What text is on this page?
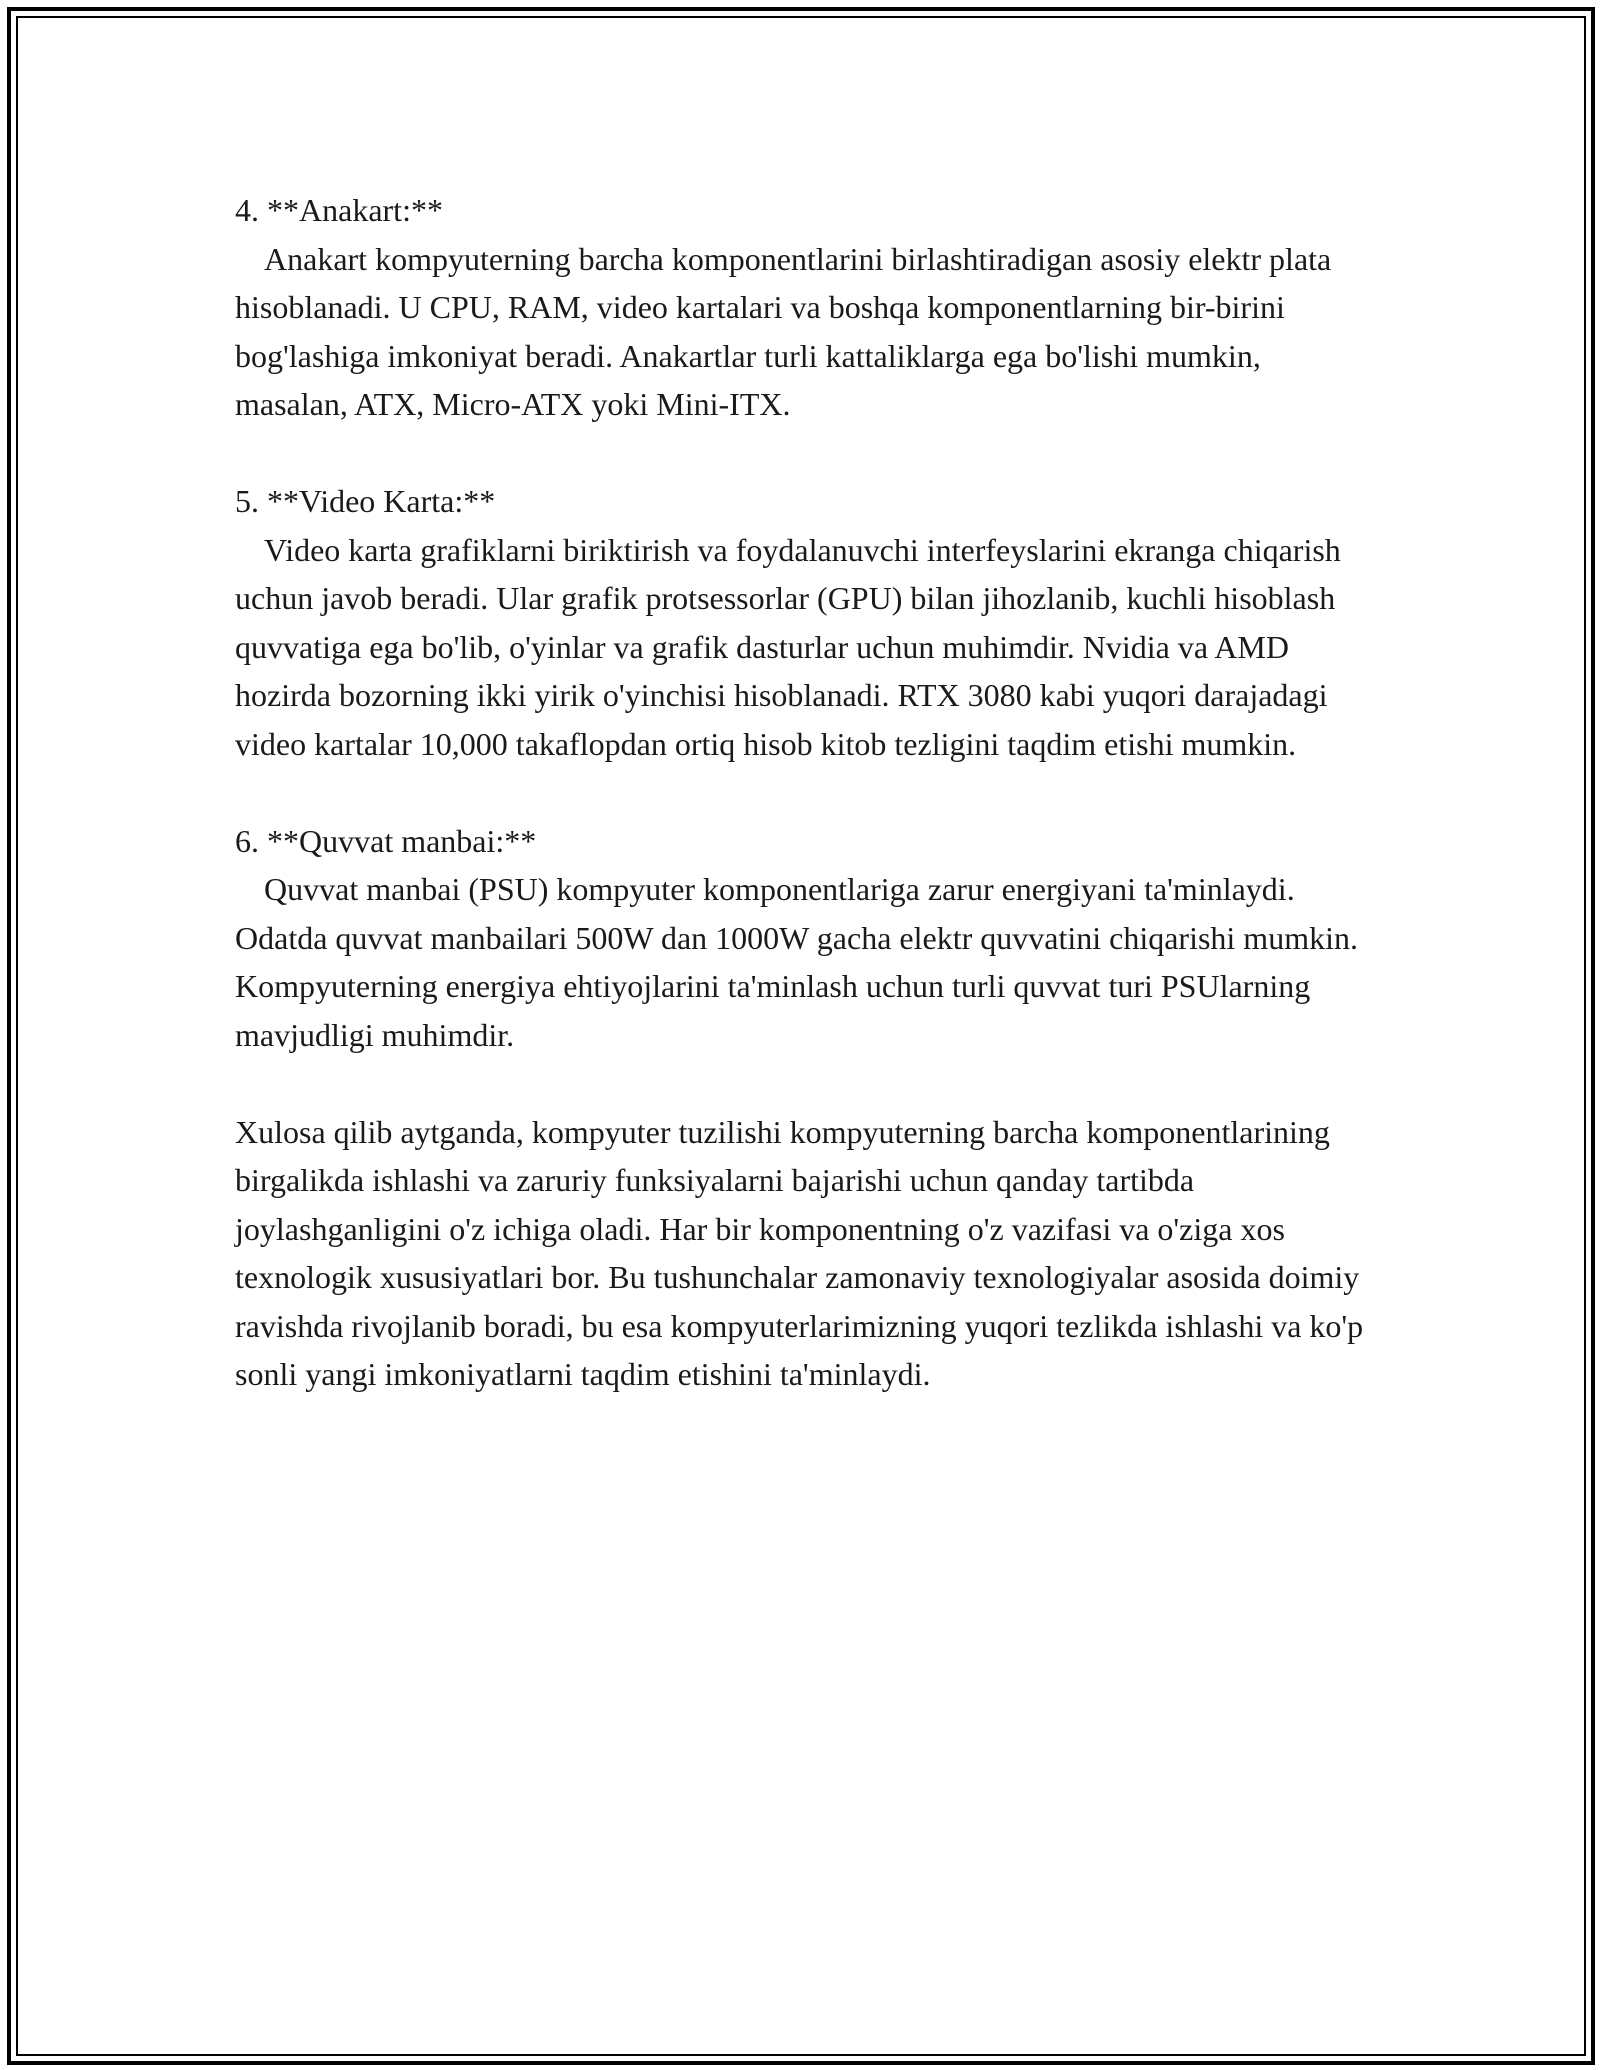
4. **Anakart:**

Anakart kompyuterning barcha komponentlarini birlashtiradigan asosiy elektr plata hisoblanadi. U CPU, RAM, video kartalari va boshqa komponentlarning bir-birini bog'lashiga imkoniyat beradi. Anakartlar turli kattaliklarga ega bo'lishi mumkin, masalan, ATX, Micro-ATX yoki Mini-ITX.

5. **Video Karta:**

Video karta grafiklarni biriktirish va foydalanuvchi interfeyslarini ekranga chiqarish uchun javob beradi. Ular grafik protsessorlar (GPU) bilan jihozlanib, kuchli hisoblash quvvatiga ega bo'lib, o'yinlar va grafik dasturlar uchun muhimdir. Nvidia va AMD hozirda bozorning ikki yirik o'yinchisi hisoblanadi. RTX 3080 kabi yuqori darajadagi video kartalar 10,000 takaflopdan ortiq hisob kitob tezligini taqdim etishi mumkin.

6. **Quvvat manbai:**

Quvvat manbai (PSU) kompyuter komponentlariga zarur energiyani ta'minlaydi. Odatda quvvat manbailari 500W dan 1000W gacha elektr quvvatini chiqarishi mumkin. Kompyuterning energiya ehtiyojlarini ta'minlash uchun turli quvvat turi PSUlarning mavjudligi muhimdir.

Xulosa qilib aytganda, kompyuter tuzilishi kompyuterning barcha komponentlarining birgalikda ishlashi va zaruriy funksiyalarni bajarishi uchun qanday tartibda joylashganligini o'z ichiga oladi. Har bir komponentning o'z vazifasi va o'ziga xos texnologik xususiyatlari bor. Bu tushunchalar zamonaviy texnologiyalar asosida doimiy ravishda rivojlanib boradi, bu esa kompyuterlarimizning yuqori tezlikda ishlashi va ko'p sonli yangi imkoniyatlarni taqdim etishini ta'minlaydi.
